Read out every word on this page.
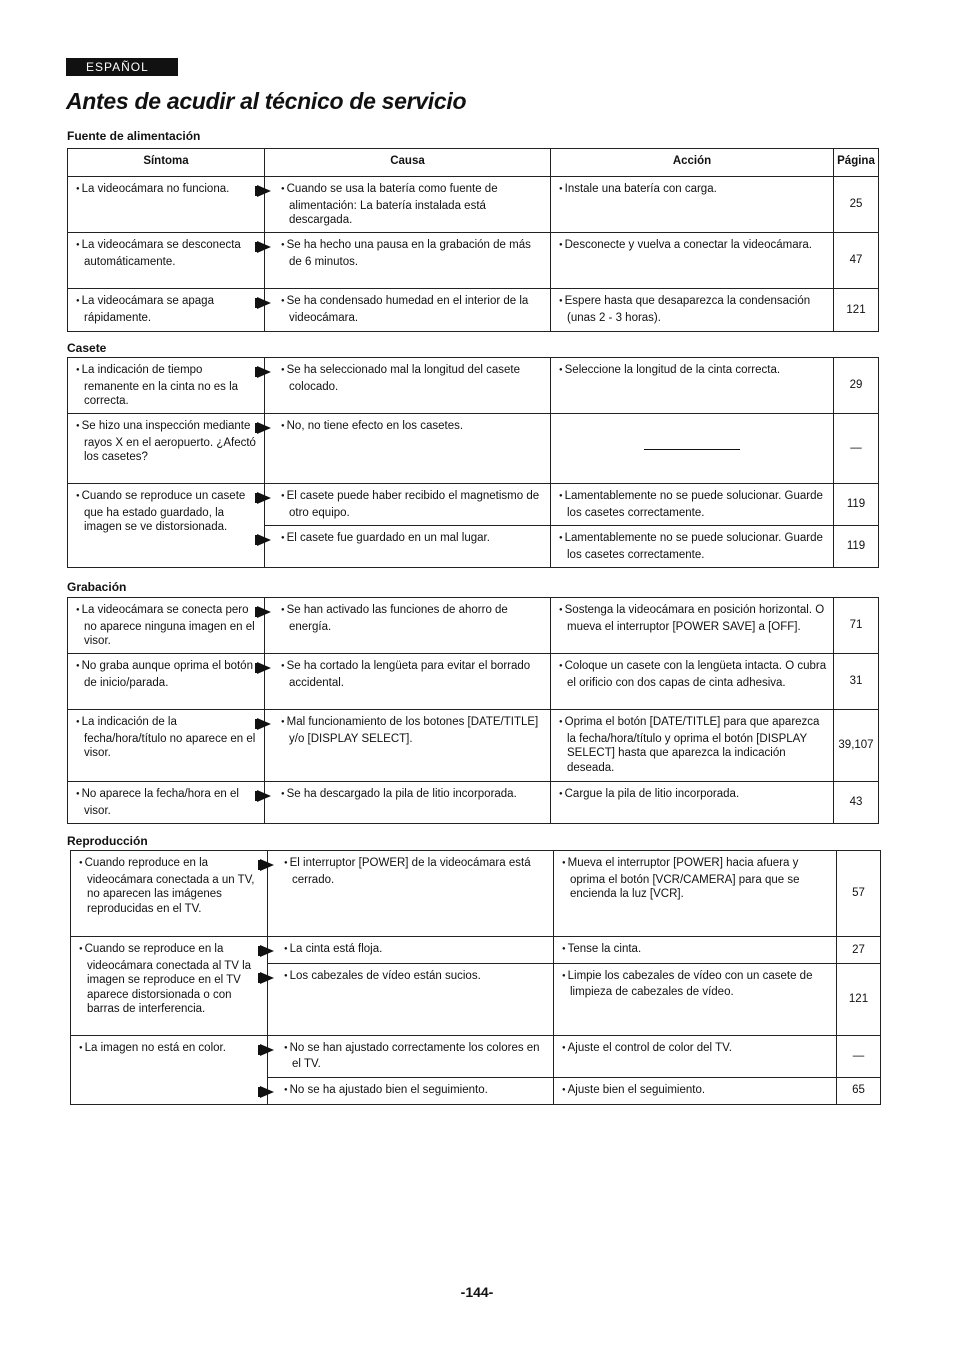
ESPAÑOL
Antes de acudir al técnico de servicio
Fuente de alimentación
Síntoma	Causa	Acción	Página

● La videocámara no funciona.	● Cuando se usa la batería como fuente de alimentación: La batería instalada está descargada.	● Instale una batería con carga.	25

● La videocámara se desconecta automáticamente.	● Se ha hecho una pausa en la grabación de más de 6 minutos.	● Desconecte y vuelva a conectar la videocámara.	47

● La videocámara se apaga rápidamente.	● Se ha condensado humedad en el interior de la videocámara.	● Espere hasta que desaparezca la condensación (unas 2 - 3 horas).	121
Casete
● La indicación de tiempo remanente en la cinta no es la correcta.	● Se ha seleccionado mal la longitud del casete colocado.	● Seleccione la longitud de la cinta correcta.	29

● Se hizo una inspección mediante rayos X en el aeropuerto. ¿Afectó los casetes?	● No, no tiene efecto en los casetes.		—

● Cuando se reproduce un casete que ha estado guardado, la imagen se ve distorsionada.	● El casete puede haber recibido el magnetismo de otro equipo.	● Lamentablemente no se puede solucionar. Guarde los casetes correctamente.	119

	● El casete fue guardado en un mal lugar.	● Lamentablemente no se puede solucionar. Guarde los casetes correctamente.	119
Grabación
● La videocámara se conecta pero no aparece ninguna imagen en el visor.	● Se han activado las funciones de ahorro de energía.	● Sostenga la videocámara en posición horizontal. O mueva el interruptor [POWER SAVE] a [OFF].	71

● No graba aunque oprima el botón de inicio/parada.	● Se ha cortado la lengüeta para evitar el borrado accidental.	● Coloque un casete con la lengüeta intacta. O cubra el orificio con dos capas de cinta adhesiva.	31

● La indicación de la fecha/hora/título no aparece en el visor.	● Mal funcionamiento de los botones [DATE/TITLE] y/o [DISPLAY SELECT].	● Oprima el botón [DATE/TITLE] para que aparezca la fecha/hora/título y oprima el botón [DISPLAY SELECT] hasta que aparezca la indicación deseada.	39,107

● No aparece la fecha/hora en el visor.	● Se ha descargado la pila de litio incorporada.	● Cargue la pila de litio incorporada.	43
Reproducción
● Cuando reproduce en la videocámara conectada a un TV, no aparecen las imágenes reproducidas en el TV.	● El interruptor [POWER] de la videocámara está cerrado.	● Mueva el interruptor [POWER] hacia afuera y oprima el botón [VCR/CAMERA] para que se encienda la luz [VCR].	57

● Cuando se reproduce en la videocámara conectada al TV la imagen se reproduce en el TV aparece distorsionada o con barras de interferencia.	● La cinta está floja.	● Tense la cinta.	27

	● Los cabezales de vídeo están sucios.	● Limpie los cabezales de vídeo con un casete de limpieza de cabezales de vídeo.	121

● La imagen no está en color.	● No se han ajustado correctamente los colores en el TV.	● Ajuste el control de color del TV.	—

	● No se ha ajustado bien el seguimiento.	● Ajuste bien el seguimiento.	65
-144-
